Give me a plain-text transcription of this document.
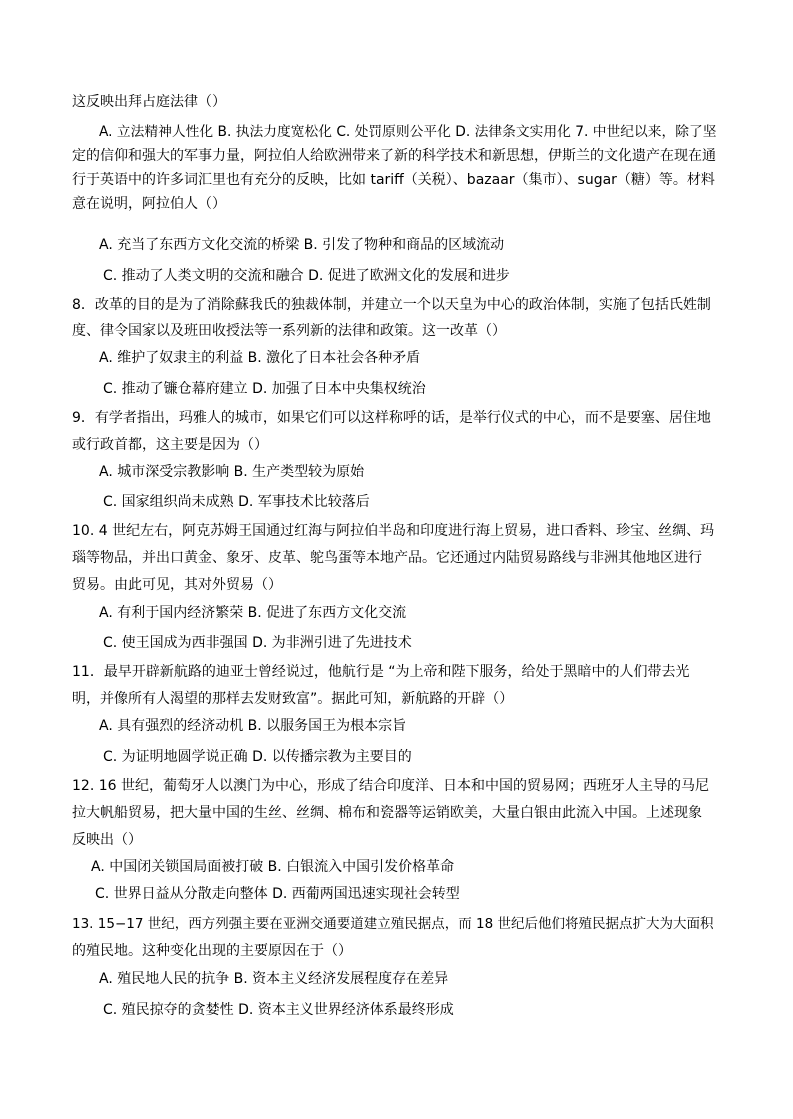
这反映出拜占庭法律（）
A. 立法精神人性化 B. 执法力度宽松化 C. 处罚原则公平化 D. 法律条文实用化 7. 中世纪以来，除了坚
定的信仰和强大的军事力量，阿拉伯人给欧洲带来了新的科学技术和新思想，伊斯兰的文化遗产在现在通
行于英语中的许多词汇里也有充分的反映，比如 tariff（关税）、bazaar（集市）、sugar（糖）等。材料
意在说明，阿拉伯人（）
A. 充当了东西方文化交流的桥梁 B. 引发了物种和商品的区域流动
C. 推动了人类文明的交流和融合 D. 促进了欧洲文化的发展和进步
8．改革的目的是为了消除蘇我氏的独裁体制，并建立一个以天皇为中心的政治体制，实施了包括氏姓制
度、律令国家以及班田收授法等一系列新的法律和政策。这一改革（）
A. 维护了奴隶主的利益 B. 激化了日本社会各种矛盾
C. 推动了镰仓幕府建立 D. 加强了日本中央集权统治
9．有学者指出，玛雅人的城市，如果它们可以这样称呼的话，是举行仪式的中心，而不是要塞、居住地
或行政首都，这主要是因为（）
A. 城市深受宗教影响 B. 生产类型较为原始
C. 国家组织尚未成熟 D. 军事技术比较落后
10. 4 世纪左右，阿克苏姆王国通过红海与阿拉伯半岛和印度进行海上贸易，进口香料、珍宝、丝绸、玛
瑙等物品，并出口黄金、象牙、皮革、鸵鸟蛋等本地产品。它还通过内陆贸易路线与非洲其他地区进行
贸易。由此可见，其对外贸易（）
A. 有利于国内经济繁荣 B. 促进了东西方文化交流
C. 使王国成为西非强国 D. 为非洲引进了先进技术
11．最早开辟新航路的迪亚士曾经说过，他航行是 “为上帝和陛下服务，给处于黑暗中的人们带去光
明，并像所有人渴望的那样去发财致富”。据此可知，新航路的开辟（）
A. 具有强烈的经济动机 B. 以服务国王为根本宗旨
C. 为证明地圆学说正确 D. 以传播宗教为主要目的
12. 16 世纪，葡萄牙人以澳门为中心，形成了结合印度洋、日本和中国的贸易网；西班牙人主导的马尼
拉大帆船贸易，把大量中国的生丝、丝绸、棉布和瓷器等运销欧美，大量白银由此流入中国。上述现象
反映出（）
A. 中国闭关锁国局面被打破 B. 白银流入中国引发价格革命
C. 世界日益从分散走向整体 D. 西葡两国迅速实现社会转型
13. 15−17 世纪，西方列强主要在亚洲交通要道建立殖民据点，而 18 世纪后他们将殖民据点扩大为大面积
的殖民地。这种变化出现的主要原因在于（）
A. 殖民地人民的抗争 B. 资本主义经济发展程度存在差异
C. 殖民掠夺的贪婪性 D. 资本主义世界经济体系最终形成
